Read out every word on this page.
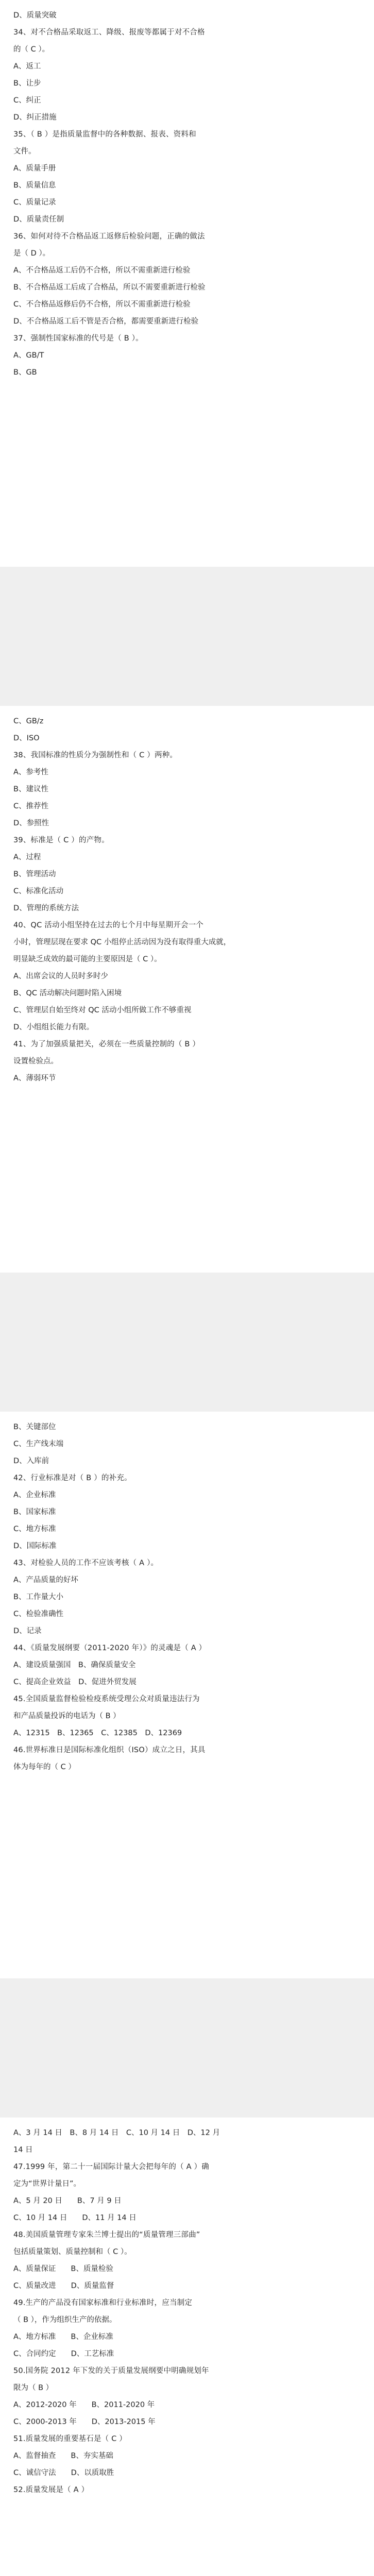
D、质量突破
34、对不合格品采取返工、降级、报废等都属于对不合格
的（ C ）。
A、返工
B、让步
C、纠正
D、纠正措施
35、（ B ）是指质量监督中的各种数据、报表、资料和
文件。
A、质量手册
B、质量信息
C、质量记录
D、质量责任制
36、如何对待不合格品返工返修后检验问题，正确的做法
是（ D ）。
A、不合格品返工后仍不合格，所以不需重新进行检验
B、不合格品返工后成了合格品，所以不需要重新进行检验
C、不合格品返修后仍不合格，所以不需重新进行检验
D、不合格品返工后不管是否合格，都需要重新进行检验
37、强制性国家标准的代号是（ B ）。
A、GB/T
B、GB
C、GB/z
D、ISO
38、我国标准的性质分为强制性和（ C ）两种。
A、参考性
B、建议性
C、推荐性
D、参照性
39、标准是（ C ）的产物。
A、过程
B、管理活动
C、标准化活动
D、管理的系统方法
40、QC 活动小组坚持在过去的七个月中每星期开会一个
小时，管理层现在要求 QC 小组停止活动因为没有取得重大成就，
明显缺乏成效的最可能的主要原因是（ C ）。
A、出席会议的人员时多时少
B、QC 活动解决问题时陷入困境
C、管理层自始至终对 QC 活动小组所做工作不够重视
D、小组组长能力有限。
41、为了加强质量把关，必须在一些质量控制的（ B ）
设置检验点。
A、薄弱环节
B、关键部位
C、生产线末端
D、入库前
42、行业标准是对（ B ）的补充。
A、企业标准
B、国家标准
C、地方标准
D、国际标准
43、对检验人员的工作不应该考核（ A ）。
A、产品质量的好坏
B、工作量大小
C、检验准确性
D、记录
44、《质量发展纲要（2011-2020 年）》的灵魂是（ A ）
A、建设质量强国　B、确保质量安全
C、提高企业效益　D、促进外贸发展
45.全国质量监督检验检疫系统受理公众对质量违法行为
和产品质量投诉的电话为（ B ）
A、12315　B、12365　C、12385　D、12369
46.世界标准日是国际标准化组织（ISO）成立之日，其具
体为每年的（ C ）
A、3 月 14 日　B、8 月 14 日　C、10 月 14 日　D、12 月
14 日
47.1999 年，第二十一届国际计量大会把每年的（ A ）确
定为“世界计量日”。
A、5 月 20 日　　B、7 月 9 日
C、10 月 14 日　　D、11 月 14 日
48.美国质量管理专家朱兰博士提出的“质量管理三部曲”
包括质量策划、质量控制和（ C ）。
A、质量保证　　B、质量检验
C、质量改进　　D、质量监督
49.生产的产品没有国家标准和行业标准时，应当制定
（ B ），作为组织生产的依据。
A、地方标准　　B、企业标准
C、合同约定　　D、工艺标准
50.国务院 2012 年下发的关于质量发展纲要中明确规划年
限为（ B ）
A、2012-2020 年　　B、2011-2020 年
C、2000-2013 年　　D、2013-2015 年
51.质量发展的重要基石是（ C ）
A、监督抽查　　B、夯实基础
C、诚信守法　　D、以质取胜
52.质量发展是（ A ）
